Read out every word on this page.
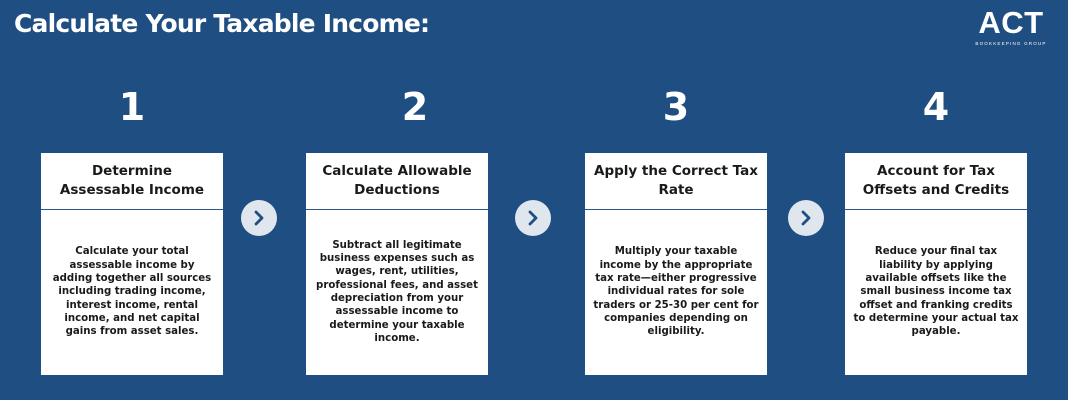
Calculate Your Taxable Income:	ACT
BOOKKEEPING GROUP
1	2	3	4
Determine Assessable Income
Calculate your total assessable income by adding together all sources including trading income, interest income, rental income, and net capital gains from asset sales.
Calculate Allowable Deductions
Subtract all legitimate business expenses such as wages, rent, utilities, professional fees, and asset depreciation from your assessable income to determine your taxable income.
Apply the Correct Tax Rate
Multiply your taxable income by the appropriate tax rate—either progressive individual rates for sole traders or 25-30 per cent for companies depending on eligibility.
Account for Tax Offsets and Credits
Reduce your final tax liability by applying available offsets like the small business income tax offset and franking credits to determine your actual tax payable.
